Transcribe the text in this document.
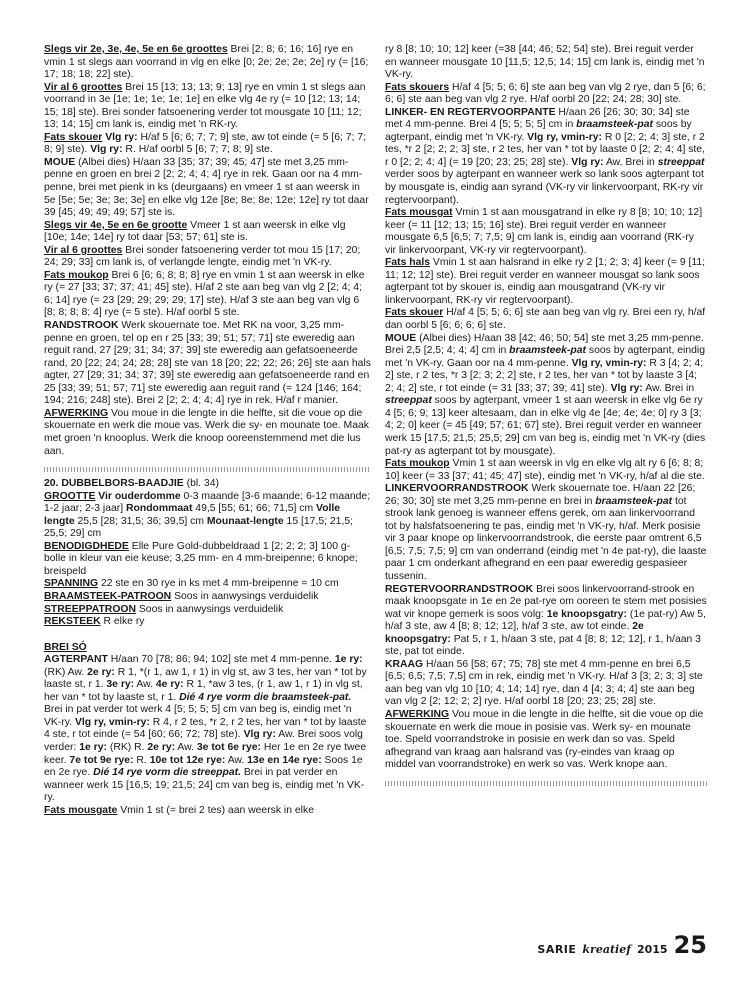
Slegs vir 2e, 3e, 4e, 5e en 6e groottes Brei [2; 8; 6; 16; 16] rye en vmin 1 st slegs aan voorrand in vlg en elke [0; 2e; 2e; 2e; 2e] ry (= [16; 17; 18; 18; 22] ste).

Vir al 6 groottes Brei 15 [13; 13; 13; 9; 13] rye en vmin 1 st slegs aan voorrand in 3e [1e; 1e; 1e; 1e; 1e] en elke vlg 4e ry (= 10 [12; 13; 14; 15; 18] ste). Brei sonder fatsoenering verder tot mousgate 10 [11; 12; 13; 14; 15] cm lank is, eindig met 'n RK-ry.

Fats skouer Vlg ry: H/af 5 [6; 6; 7; 7; 9] ste, aw tot einde (= 5 [6; 7; 7; 8; 9] ste). Vlg ry: R. H/af oorbl 5 [6; 7; 7; 8; 9] ste.

MOUE (Albei dies) H/aan 33 [35; 37; 39; 45; 47] ste met 3,25 mm-penne en groen en brei 2 [2; 2; 4; 4; 4] rye in rek. Gaan oor na 4 mm-penne, brei met pienk in ks (deurgaans) en vmeer 1 st aan weersk in 5e [5e; 5e; 3e; 3e; 3e] en elke vlg 12e [8e; 8e; 8e; 12e; 12e] ry tot daar 39 [45; 49; 49; 49; 57] ste is.

Slegs vir 4e, 5e en 6e grootte Vmeer 1 st aan weersk in elke vlg [10e; 14e; 14e] ry tot daar [53; 57; 61] ste is.

Vir al 6 groottes Brei sonder fatsoenering verder tot mou 15 [17; 20; 24; 29; 33] cm lank is, of verlangde lengte, eindig met 'n VK-ry.

Fats moukop Brei 6 [6; 6; 8; 8; 8] rye en vmin 1 st aan weersk in elke ry (= 27 [33; 37; 37; 41; 45] ste). H/af 2 ste aan beg van vlg 2 [2; 4; 4; 6; 14] rye (= 23 [29; 29; 29; 29; 17] ste). H/af 3 ste aan beg van vlg 6 [8; 8; 8; 8; 4] rye (= 5 ste). H/af oorbl 5 ste.

RANDSTROOK Werk skouernate toe. Met RK na voor, 3,25 mm-penne en groen, tel op en r 25 [33; 39; 51; 57; 71] ste eweredig aan reguit rand, 27 [29; 31; 34; 37; 39] ste eweredig aan gefatsoeneerde rand, 20 [22; 24; 24; 28; 28] ste van 18 [20; 22; 22; 26; 26] ste aan hals agter, 27 [29; 31; 34; 37; 39] ste eweredig aan gefatsoeneerde rand en 25 [33; 39; 51; 57; 71] ste eweredig aan reguit rand (= 124 [146; 164; 194; 216; 248] ste). Brei 2 [2; 2; 4; 4; 4] rye in rek. H/af r manier.

AFWERKING Vou moue in die lengte in die helfte, sit die voue op die skouernate en werk die moue vas. Werk die sy- en mounate toe. Maak met groen 'n knooplus. Werk die knoop ooreenstemmend met die lus aan.

20. DUBBELBORS-BAADJIE (bl. 34)

GROOTTE Vir ouderdomme 0-3 maande [3-6 maande; 6-12 maande; 1-2 jaar; 2-3 jaar] Rondommaat 49,5 [55; 61; 66; 71,5] cm Volle lengte 25,5 [28; 31,5; 36; 39,5] cm Mounaat-lengte 15 [17,5; 21,5; 25,5; 29] cm

BENODIGDHEDE Elle Pure Gold-dubbeldraad 1 [2; 2; 2; 3] 100 g-bolle in kleur van eie keuse; 3,25 mm- en 4 mm-breipenne; 6 knope; breispeld

SPANNING 22 ste en 30 rye in ks met 4 mm-breipenne = 10 cm

BRAAMSTEEK-PATROON Soos in aanwysings verduidelik

STREEPPATROON Soos in aanwysings verduidelik

REKSTEEK R elke ry

BREI SÓ

AGTERPANT H/aan 70 [78; 86; 94; 102] ste met 4 mm-penne. 1e ry: (RK) Aw. 2e ry: R 1, *(r 1, aw 1, r 1) in vlg st, aw 3 tes, her van * tot by laaste st, r 1. 3e ry: Aw. 4e ry: R 1, *aw 3 tes, (r 1, aw 1, r 1) in vlg st, her van * tot by laaste st, r 1. Dié 4 rye vorm die braamsteek-pat. Brei in pat verder tot werk 4 [5; 5; 5; 5] cm van beg is, eindig met 'n VK-ry. Vlg ry, vmin-ry: R 4, r 2 tes, *r 2, r 2 tes, her van * tot by laaste 4 ste, r tot einde (= 54 [60; 66; 72; 78] ste). Vlg ry: Aw. Brei soos volg verder: 1e ry: (RK) R. 2e ry: Aw. 3e tot 6e rye: Her 1e en 2e rye twee keer. 7e tot 9e rye: R. 10e tot 12e rye: Aw. 13e en 14e rye: Soos 1e en 2e rye. Dié 14 rye vorm die streeppat. Brei in pat verder en wanneer werk 15 [16,5; 19; 21,5; 24] cm van beg is, eindig met 'n VK-ry.

Fats mousgate Vmin 1 st (= brei 2 tes) aan weersk in elke

ry 8 [8; 10; 10; 12] keer (=38 [44; 46; 52; 54] ste). Brei reguit verder en wanneer mousgate 10 [11,5; 12,5; 14; 15] cm lank is, eindig met 'n VK-ry.

Fats skouers H/af 4 [5; 5; 6; 6] ste aan beg van vlg 2 rye, dan 5 [6; 6; 6; 6] ste aan beg van vlg 2 rye. H/af oorbl 20 [22; 24; 28; 30] ste.

LINKER- EN REGTERVOORPANTE H/aan 26 [26; 30; 30; 34] ste met 4 mm-penne. Brei 4 [5; 5; 5; 5] cm in braamsteek-pat soos by agterpant, eindig met 'n VK-ry. Vlg ry, vmin-ry: R 0 [2; 2; 4; 3] ste, r 2 tes, *r 2 [2; 2; 2; 3] ste, r 2 tes, her van * tot by laaste 0 [2; 2; 4; 4] ste, r 0 [2; 2; 4; 4] (= 19 [20; 23; 25; 28] ste). Vlg ry: Aw. Brei in streeppat verder soos by agterpant en wanneer werk so lank soos agterpant tot by mousgate is, eindig aan syrand (VK-ry vir linkervoorpant, RK-ry vir regtervoorpant).

Fats mousgat Vmin 1 st aan mousgatrand in elke ry 8 [8; 10; 10; 12] keer (= 11 [12; 13; 15; 16] ste). Brei reguit verder en wanneer mousgate 6,5 [6,5; 7; 7,5; 9] cm lank is, eindig aan voorrand (RK-ry vir linkervoorpant, VK-ry vir regtervoorpant).

Fats hals Vmin 1 st aan halsrand in elke ry 2 [1; 2; 3; 4] keer (= 9 [11; 11; 12; 12] ste). Brei reguit verder en wanneer mousgat so lank soos agterpant tot by skouer is, eindig aan mousgatrand (VK-ry vir linkervoorpant, RK-ry vir regtervoorpant).

Fats skouer H/af 4 [5; 5; 6; 6] ste aan beg van vlg ry. Brei een ry, h/af dan oorbl 5 [6; 6; 6; 6] ste.

MOUE (Albei dies) H/aan 38 [42; 46; 50; 54] ste met 3,25 mm-penne. Brei 2,5 [2,5; 4; 4; 4] cm in braamsteek-pat soos by agterpant, eindig met 'n VK-ry. Gaan oor na 4 mm-penne. Vlg ry, vmin-ry: R 3 [4; 2; 4; 2] ste, r 2 tes, *r 3 [2; 3; 2; 2] ste, r 2 tes, her van * tot by laaste 3 [4; 2; 4; 2] ste, r tot einde (= 31 [33; 37; 39; 41] ste). Vlg ry: Aw. Brei in streeppat soos by agterpant, vmeer 1 st aan weersk in elke vlg 6e ry 4 [5; 6; 9; 13] keer altesaam, dan in elke vlg 4e [4e; 4e; 4e; 0] ry 3 [3; 4; 2; 0] keer (= 45 [49; 57; 61; 67] ste). Brei reguit verder en wanneer werk 15 [17,5; 21,5; 25,5; 29] cm van beg is, eindig met 'n VK-ry (dies pat-ry as agterpant tot by mousgate).

Fats moukop Vmin 1 st aan weersk in vlg en elke vlg alt ry 6 [6; 8; 8; 10] keer (= 33 [37; 41; 45; 47] ste), eindig met 'n VK-ry, h/af al die ste.

LINKERVOORRANDSTROOK Werk skouernate toe. H/aan 22 [26; 26; 30; 30] ste met 3,25 mm-penne en brei in braamsteek-pat tot strook lank genoeg is wanneer effens gerek, om aan linkervoorrand tot by halsfatsoenering te pas, eindig met 'n VK-ry, h/af. Merk posisie vir 3 paar knope op linkervoorrandstrook, die eerste paar omtrent 6,5 [6,5; 7,5; 7,5; 9] cm van onderrand (eindig met 'n 4e pat-ry), die laaste paar 1 cm onderkant afhegrand en een paar eweredig gespasieer tussenin.

REGTERVOORRANDSTROOK Brei soos linkervoorrand-strook en maak knoopsgate in 1e en 2e pat-rye om ooreen te stem met posisies wat vir knope gemerk is soos volg: 1e knoopsgatry: (1e pat-ry) Aw 5, h/af 3 ste, aw 4 [8; 8; 12; 12], h/af 3 ste, aw tot einde. 2e knoopsgatry: Pat 5, r 1, h/aan 3 ste, pat 4 [8; 8; 12; 12], r 1, h/aan 3 ste, pat tot einde.

KRAAG H/aan 56 [58; 67; 75; 78] ste met 4 mm-penne en brei 6,5 [6,5; 6,5; 7,5; 7,5] cm in rek, eindig met 'n VK-ry. H/af 3 [3; 2; 3; 3] ste aan beg van vlg 10 [10; 4; 14; 14] rye, dan 4 [4; 3; 4; 4] ste aan beg van vlg 2 [2; 12; 2; 2] rye. H/af oorbl 18 [20; 23; 25; 28] ste.

AFWERKING Vou moue in die lengte in die helfte, sit die voue op die skouernate en werk die moue in posisie vas. Werk sy- en mounate toe. Speld voorrandstroke in posisie en werk dan so vas. Speld afhegrand van kraag aan halsrand vas (ry-eindes van kraag op middel van voorrandstroke) en werk so vas. Werk knope aan.

SARIE kreatief 2015 25
